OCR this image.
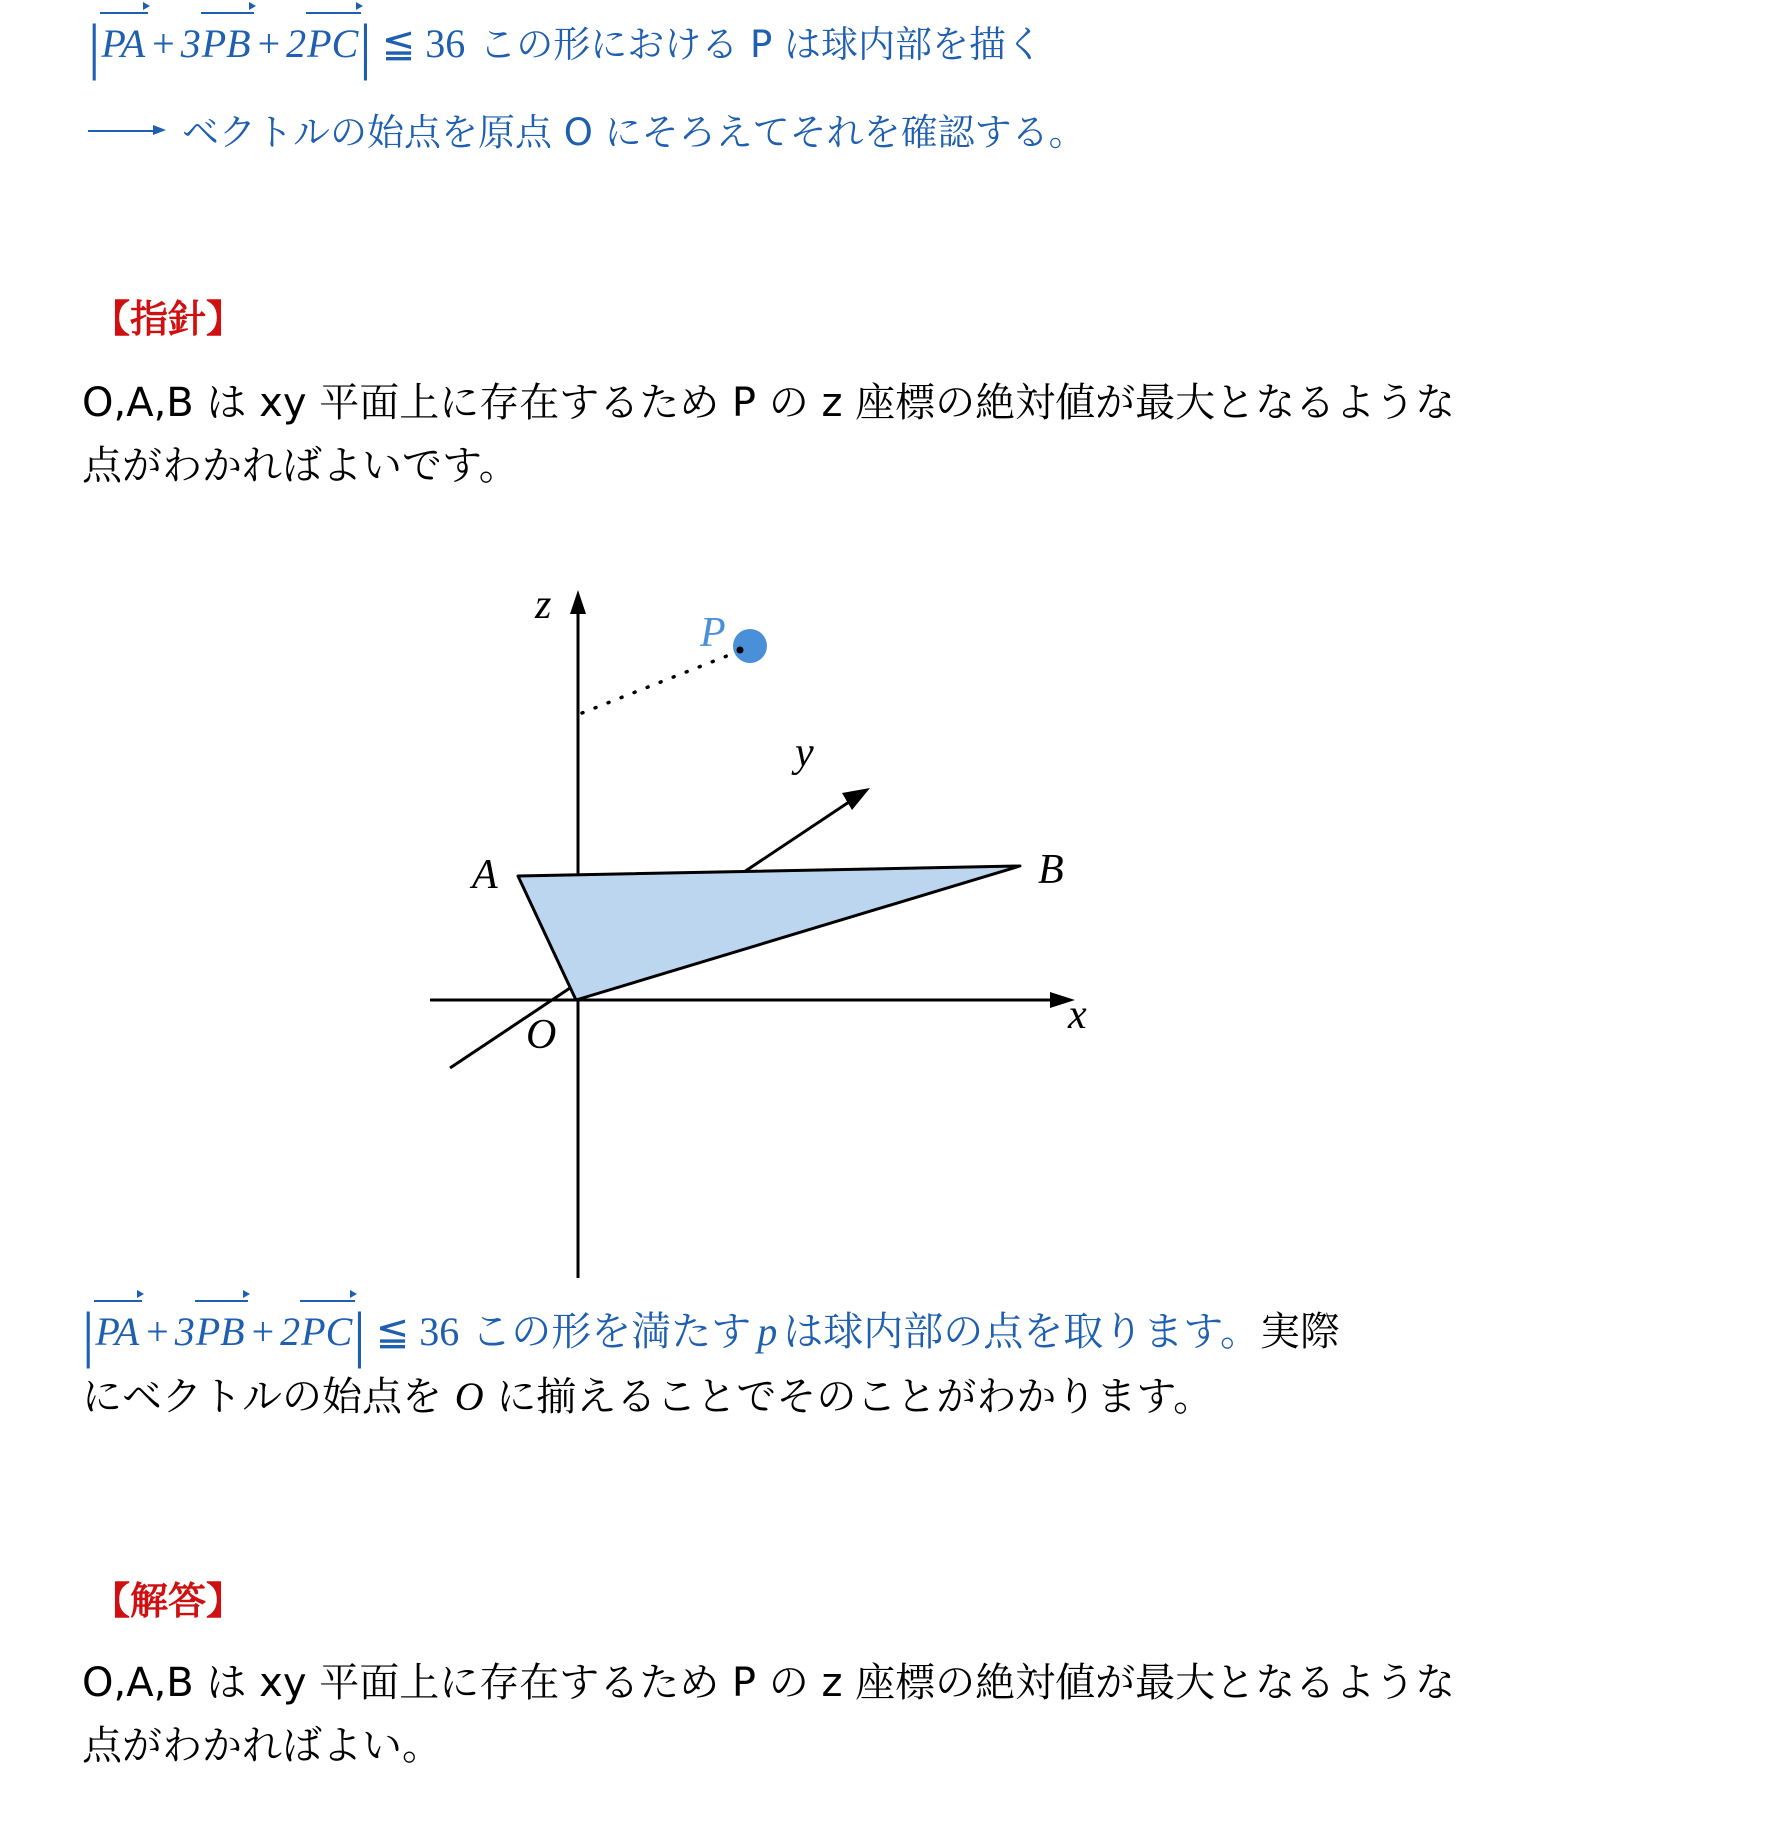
|PA + 3PB + 2PC
| ≦ 36 この形における P は球内部を描く
ベクトルの始点を原点 O にそろえてそれを確認する。
【指針】
O,A,B は xy 平面上に存在するため P の z 座標の絶対値が最大となるような
点がわかればよいです。
z
x
y
P
A	B
O
|PA + 3PB + 2PC
| ≦ 36 この形を満たす p は球内部の点を取ります。実際
にベクトルの始点を O に揃えることでそのことがわかります。
【解答】
O,A,B は xy 平面上に存在するため P の z 座標の絶対値が最大となるような
点がわかればよい。
